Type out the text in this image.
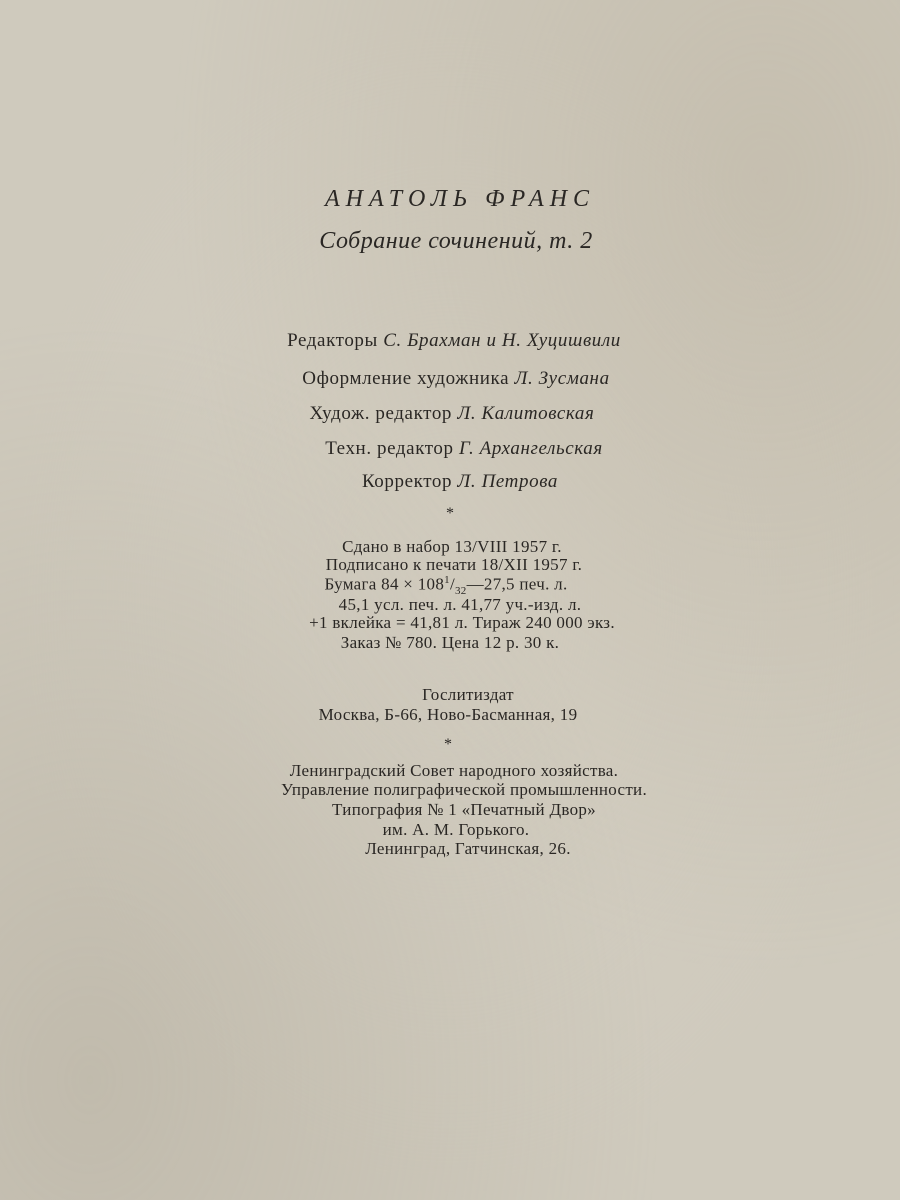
АНАТОЛЬ ФРАНС

Собрание сочинений, т. 2

Редакторы С. Брахман и Н. Хуцишвили

Оформление художника Л. Зусмана

Худож. редактор Л. Калитовская

Техн. редактор Г. Архангельская

Корректор Л. Петрова

*

Сдано в набор 13/VIII 1957 г.

Подписано к печати 18/XII 1957 г.

Бумага $84 \times 108^1/_{32}—27,5$ печ. л.

45,1 усл. печ. л. 41,77 уч.-изд. л.

+1 вклейка = 41,81 л. Тираж 240 000 экз.

Заказ № 780. Цена 12 р. 30 к.

Гослитиздат

Москва, Б-66, Ново-Басманная, 19

*

Ленинградский Совет народного хозяйства.

Управление полиграфической промышленности.

Типография № 1 «Печатный Двор»

им. А. М. Горького.

Ленинград, Гатчинская, 26.
